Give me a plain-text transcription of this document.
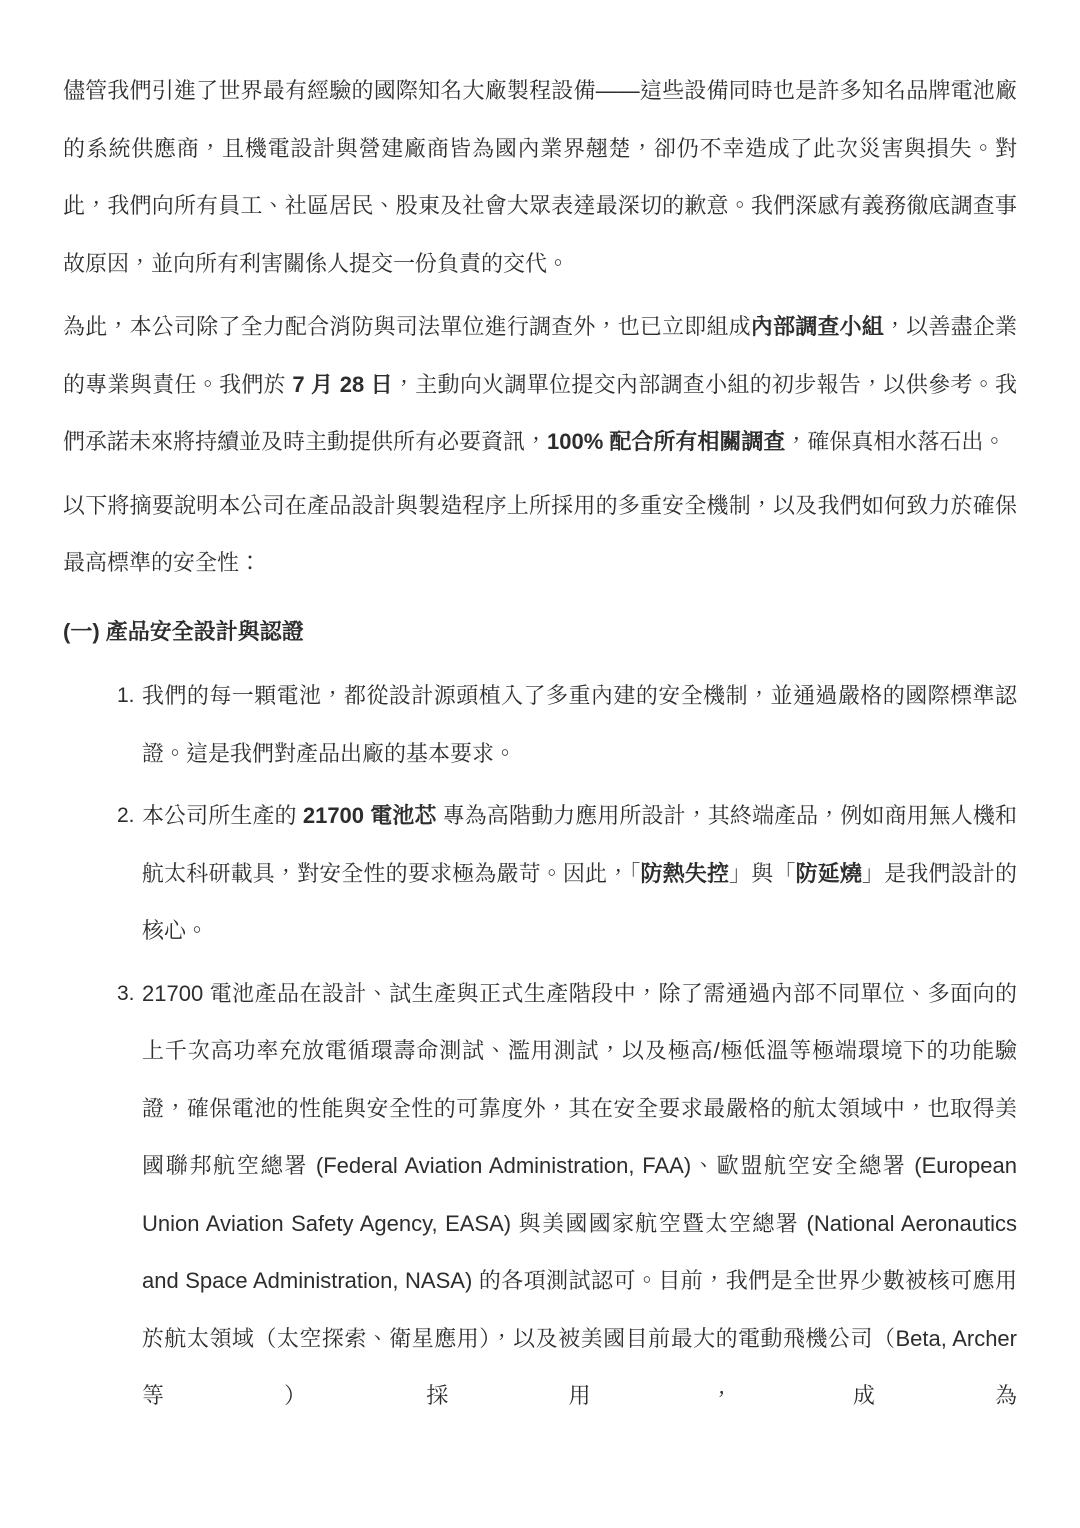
儘管我們引進了世界最有經驗的國際知名大廠製程設備——這些設備同時也是許多知名品牌電池廠的系統供應商，且機電設計與營建廠商皆為國內業界翹楚，卻仍不幸造成了此次災害與損失。對此，我們向所有員工、社區居民、股東及社會大眾表達最深切的歉意。我們深感有義務徹底調查事故原因，並向所有利害關係人提交一份負責的交代。

為此，本公司除了全力配合消防與司法單位進行調查外，也已立即組成內部調查小組，以善盡企業的專業與責任。我們於 7 月 28 日，主動向火調單位提交內部調查小組的初步報告，以供參考。我們承諾未來將持續並及時主動提供所有必要資訊，100% 配合所有相關調查，確保真相水落石出。

以下將摘要說明本公司在產品設計與製造程序上所採用的多重安全機制，以及我們如何致力於確保最高標準的安全性：

(一) 產品安全設計與認證
1. 我們的每一顆電池，都從設計源頭植入了多重內建的安全機制，並通過嚴格的國際標準認證。這是我們對產品出廠的基本要求。
2. 本公司所生產的 21700 電池芯 專為高階動力應用所設計，其終端產品，例如商用無人機和航太科研載具，對安全性的要求極為嚴苛。因此，「防熱失控」與「防延燒」是我們設計的核心。
3. 21700 電池產品在設計、試生產與正式生產階段中，除了需通過內部不同單位、多面向的上千次高功率充放電循環壽命測試、濫用測試，以及極高/極低溫等極端環境下的功能驗證，確保電池的性能與安全性的可靠度外，其在安全要求最嚴格的航太領域中，也取得美國聯邦航空總署 (Federal Aviation Administration, FAA)、歐盟航空安全總署 (European Union Aviation Safety Agency, EASA) 與美國國家航空暨太空總署 (National Aeronautics and Space Administration, NASA) 的各項測試認可。目前，我們是全世界少數被核可應用於航太領域（太空探索、衛星應用），以及被美國目前最大的電動飛機公司（Beta, Archer 等）採用，成為
